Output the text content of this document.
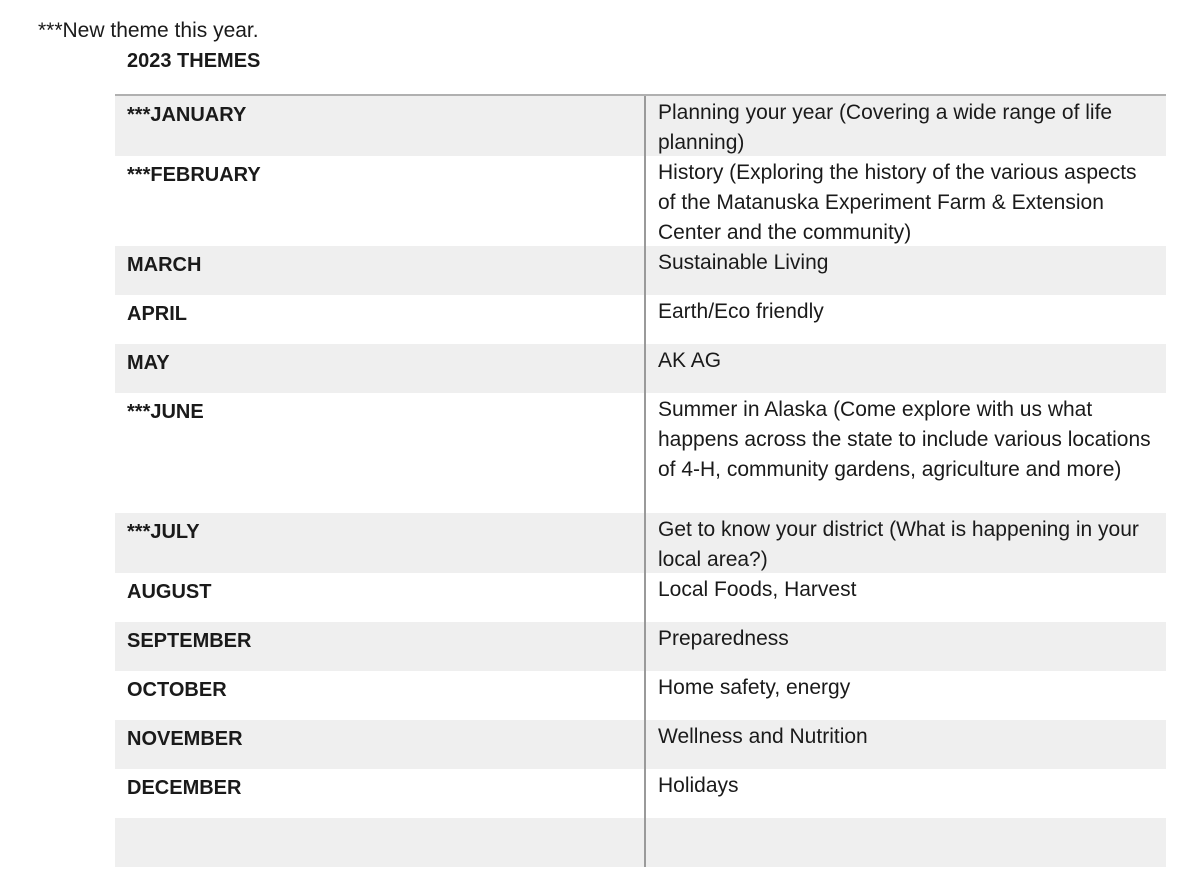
***New theme this year.
2023 THEMES
***JANUARY	Planning your year (Covering a wide range of life planning)
***FEBRUARY	History (Exploring the history of the various aspects of the Matanuska Experiment Farm & Extension Center and the community)
MARCH	Sustainable Living
APRIL	Earth/Eco friendly
MAY	AK AG
***JUNE	Summer in Alaska (Come explore with us what happens across the state to include various locations of 4-H, community gardens, agriculture and more)
***JULY	Get to know your district (What is happening in your local area?)
AUGUST	Local Foods, Harvest
SEPTEMBER	Preparedness
OCTOBER	Home safety, energy
NOVEMBER	Wellness and Nutrition
DECEMBER	Holidays
